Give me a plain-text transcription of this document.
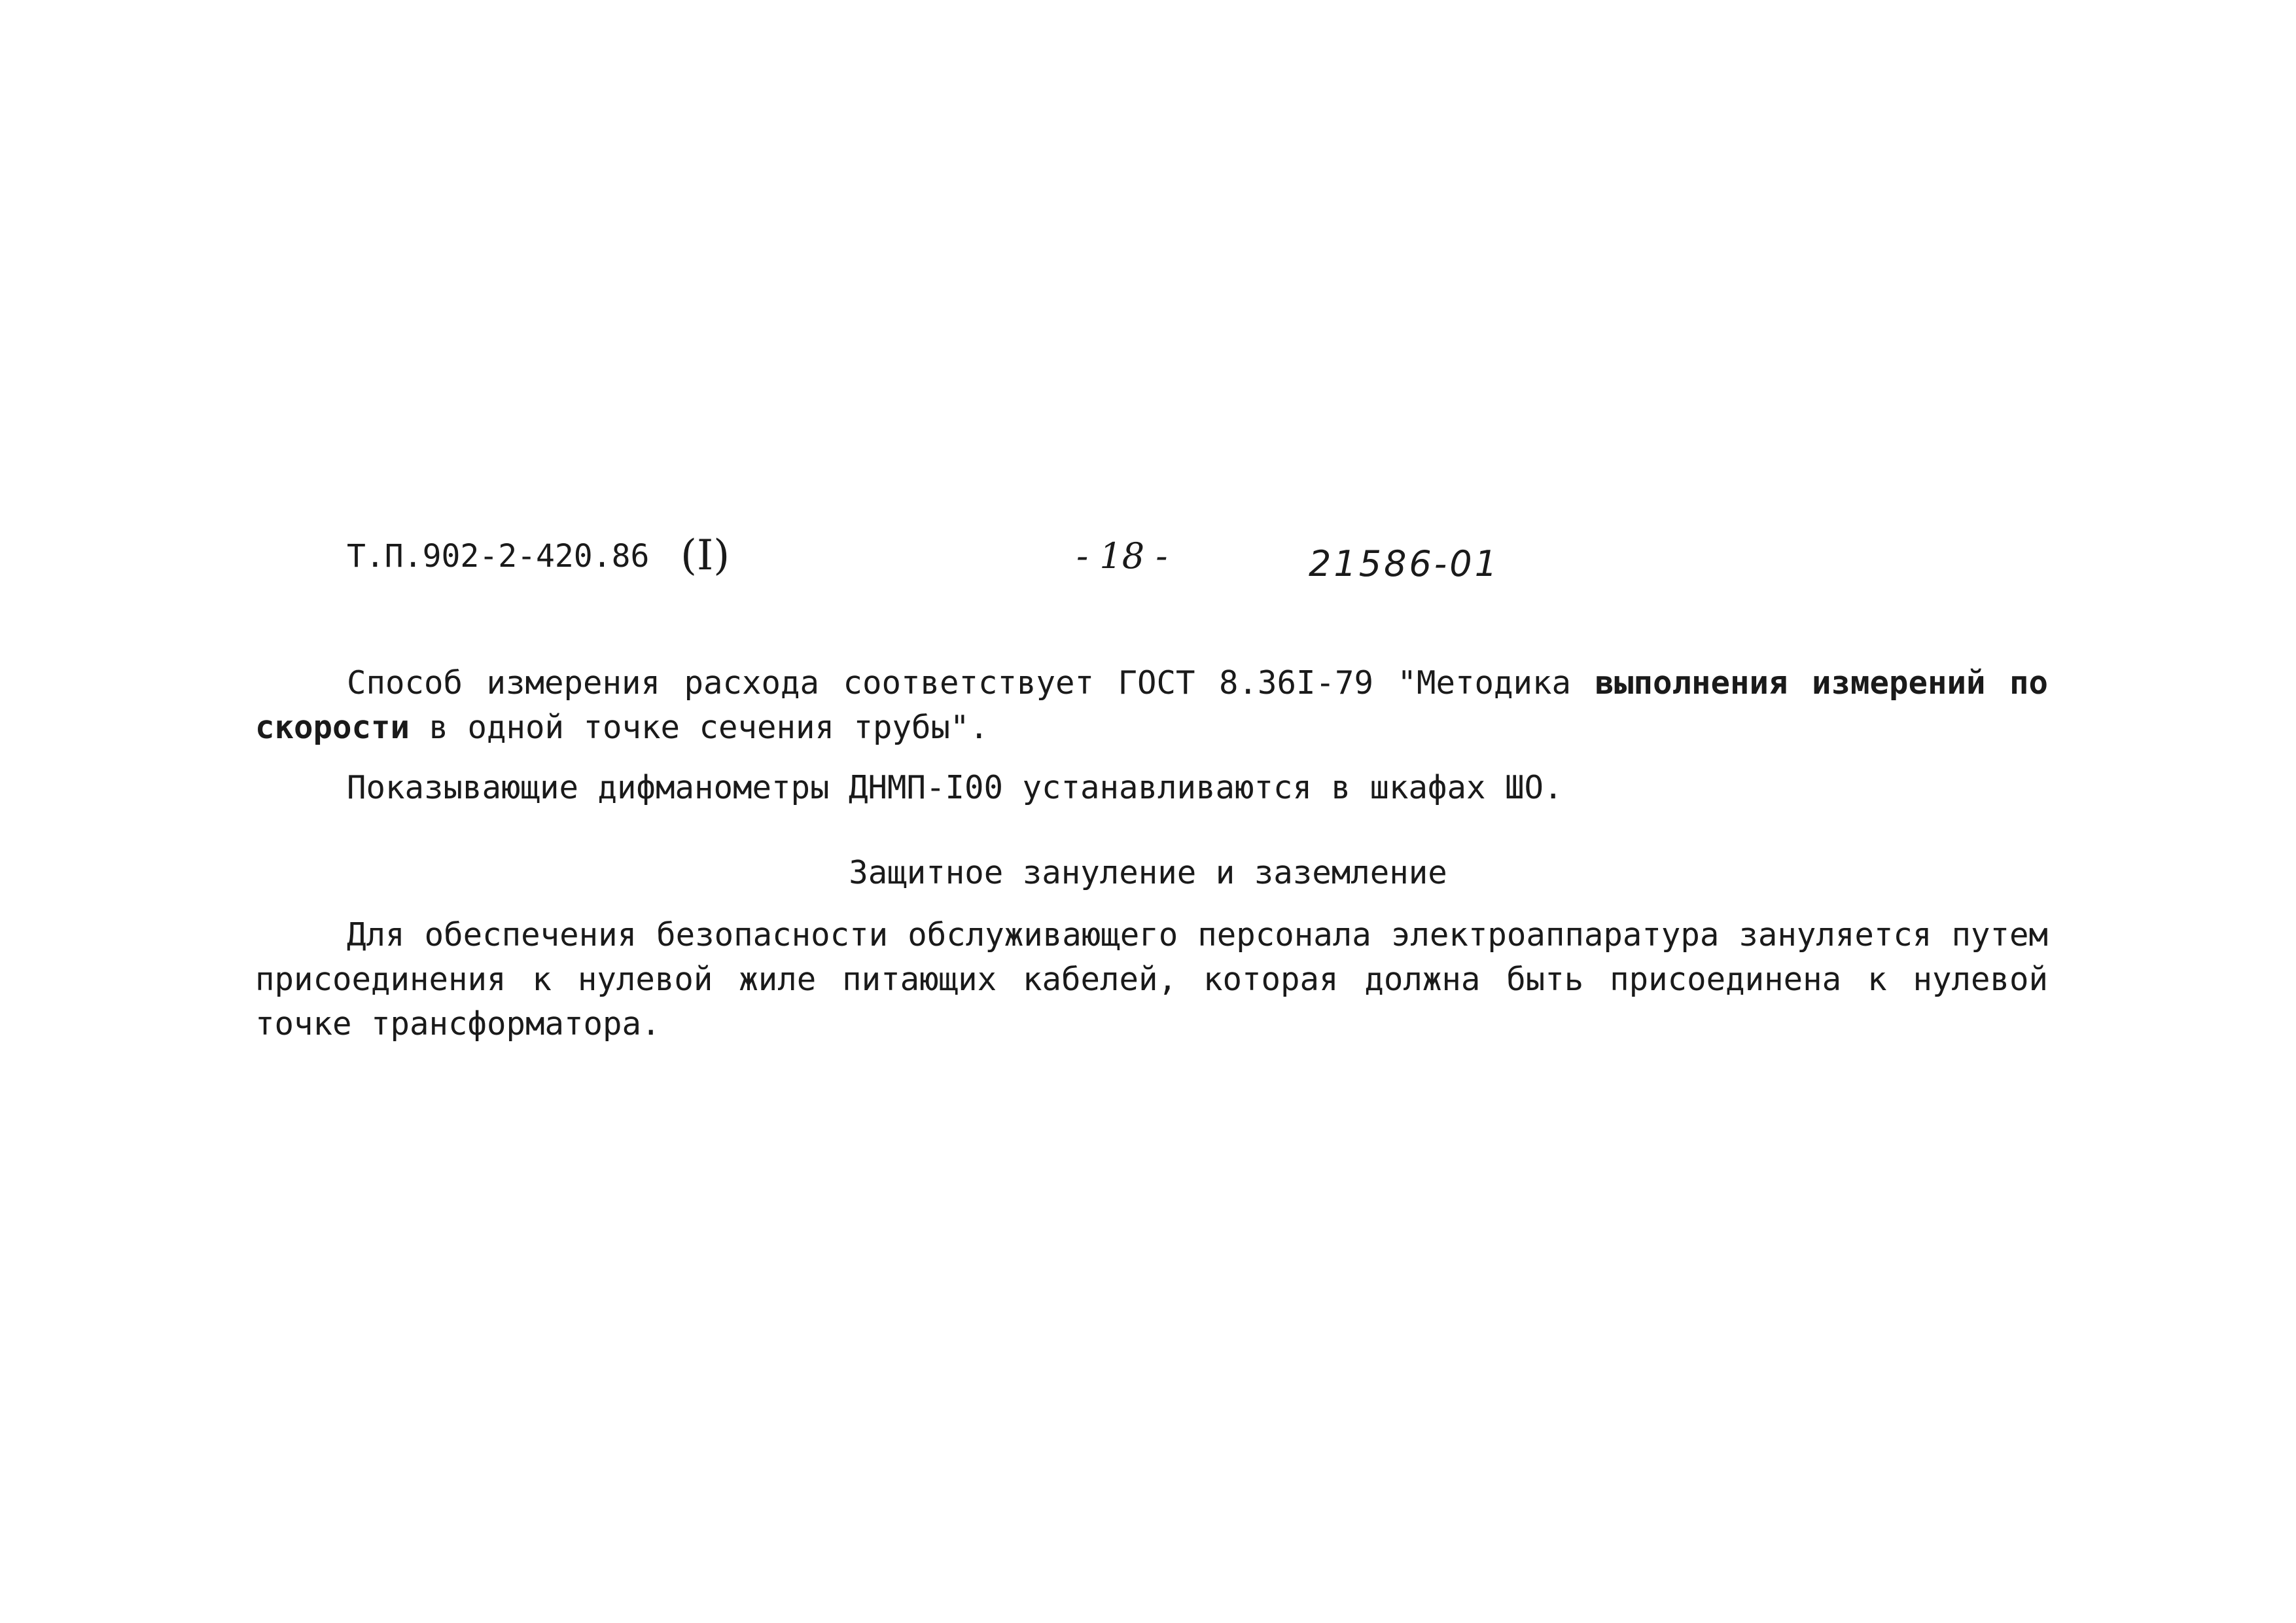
Т.П.902-2-420.86 (I)	- 18 -	21586-01

Способ измерения расхода соответствует ГОСТ 8.36I-79 "Методика выполнения измерений по скорости в одной точке сечения трубы".

Показывающие дифманометры ДНМП-I00 устанавливаются в шкафах ШО.

Защитное зануление и заземление

Для обеспечения безопасности обслуживающего персонала электроаппаратура зануляется путем присоединения к нулевой жиле питающих кабелей, которая должна быть присоединена к нулевой точке трансформатора.
